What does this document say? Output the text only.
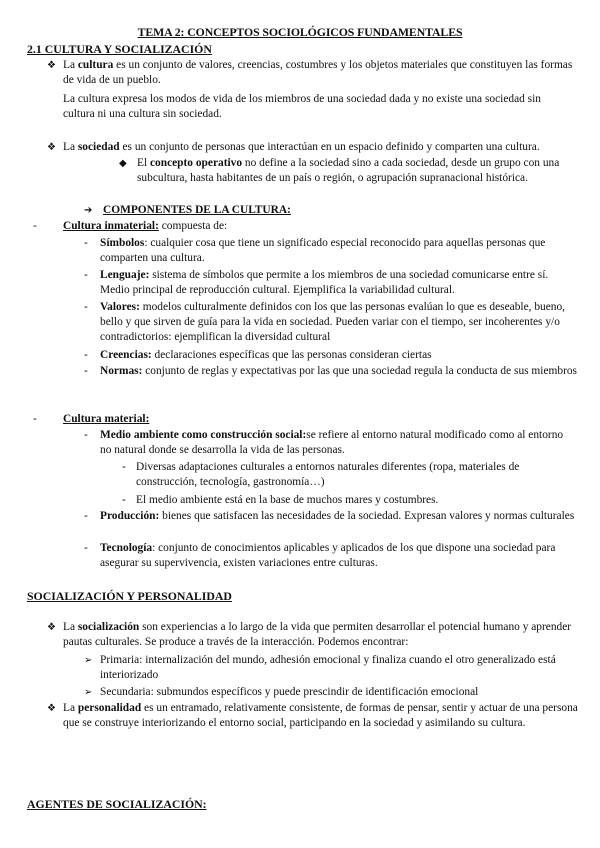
TEMA 2: CONCEPTOS SOCIOLÓGICOS FUNDAMENTALES
2.1 CULTURA Y SOCIALIZACIÓN
❖ La cultura es un conjunto de valores, creencias, costumbres y los objetos materiales que constituyen las formas de vida de un pueblo.
La cultura expresa los modos de vida de los miembros de una sociedad dada y no existe una sociedad sin cultura ni una cultura sin sociedad.
❖ La sociedad es un conjunto de personas que interactúan en un espacio definido y comparten una cultura.
◆ El concepto operativo no define a la sociedad sino a cada sociedad, desde un grupo con una subcultura, hasta habitantes de un país o región, o agrupación supranacional histórica.
➔ COMPONENTES DE LA CULTURA:
- Cultura inmaterial: compuesta de:
- Símbolos: cualquier cosa que tiene un significado especial reconocido para aquellas personas que comparten una cultura.
- Lenguaje: sistema de símbolos que permite a los miembros de una sociedad comunicarse entre sí. Medio principal de reproducción cultural. Ejemplifica la variabilidad cultural.
- Valores: modelos culturalmente definidos con los que las personas evalúan lo que es deseable, bueno, bello y que sirven de guía para la vida en sociedad. Pueden variar con el tiempo, ser incoherentes y/o contradictorios: ejemplifican la diversidad cultural
- Creencias: declaraciones específicas que las personas consideran ciertas
- Normas: conjunto de reglas y expectativas por las que una sociedad regula la conducta de sus miembros
- Cultura material:
- Medio ambiente como construcción social:se refiere al entorno natural modificado como al entorno no natural donde se desarrolla la vida de las personas.
- Diversas adaptaciones culturales a entornos naturales diferentes (ropa, materiales de construcción, tecnología, gastronomía…)
- El medio ambiente está en la base de muchos mares y costumbres.
- Producción: bienes que satisfacen las necesidades de la sociedad. Expresan valores y normas culturales
- Tecnología: conjunto de conocimientos aplicables y aplicados de los que dispone una sociedad para asegurar su supervivencia, existen variaciones entre culturas.
SOCIALIZACIÓN Y PERSONALIDAD
❖ La socialización son experiencias a lo largo de la vida que permiten desarrollar el potencial humano y aprender pautas culturales. Se produce a través de la interacción. Podemos encontrar:
➢ Primaria: internalización del mundo, adhesión emocional y finaliza cuando el otro generalizado está interiorizado
➢ Secundaria: submundos específicos y puede prescindir de identificación emocional
❖ La personalidad es un entramado, relativamente consistente, de formas de pensar, sentir y actuar de una persona que se construye interiorizando el entorno social, participando en la sociedad y asimilando su cultura.
AGENTES DE SOCIALIZACIÓN:
